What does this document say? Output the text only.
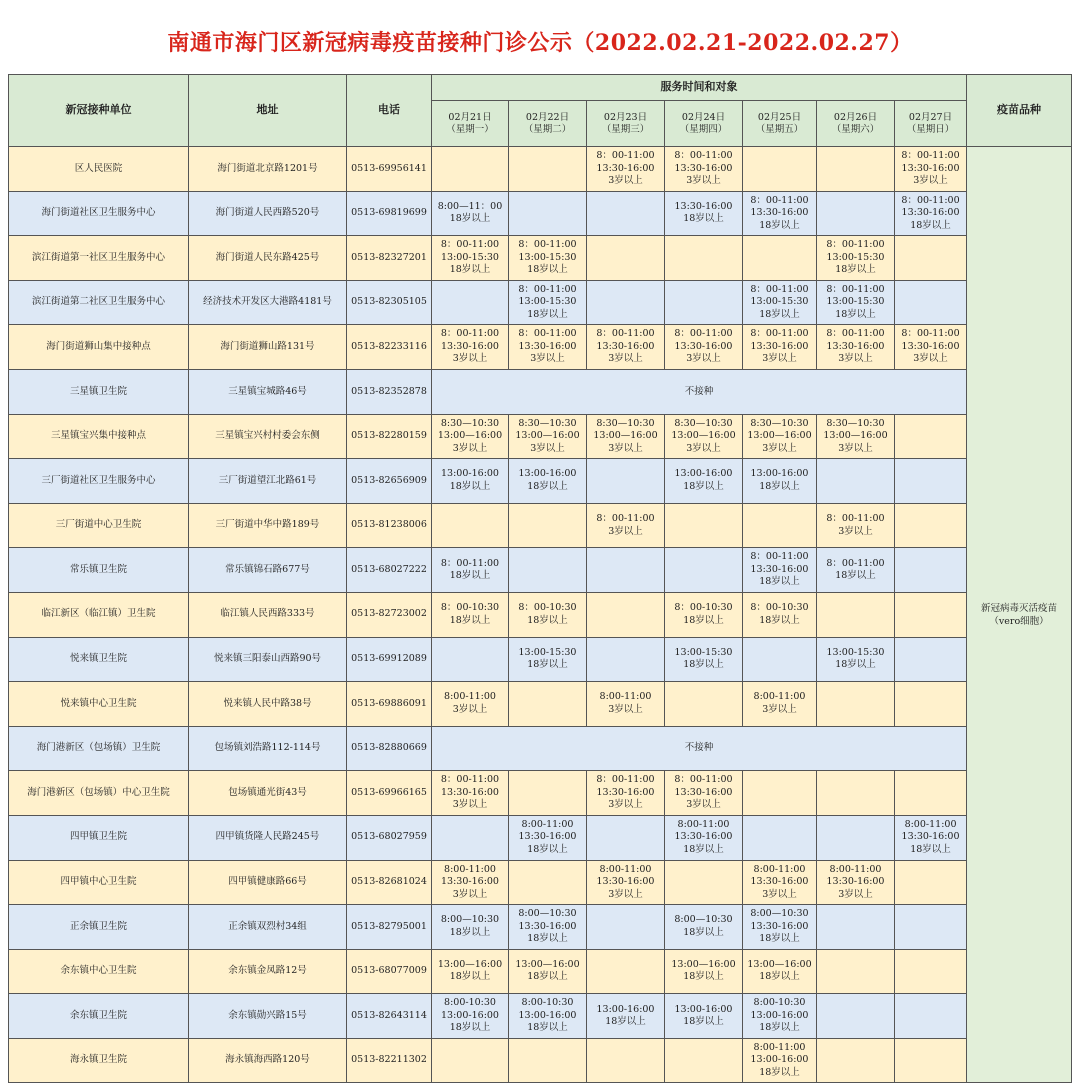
南通市海门区新冠病毒疫苗接种门诊公示（2022.02.21-2022.02.27）
新冠接种单位	地址	电话	服务时间和对象							疫苗品种

			02月21日
（星期一）	02月22日
（星期二）	02月23日
（星期三）	02月24日
（星期四）	02月25日
（星期五）	02月26日
（星期六）	02月27日
（星期日）	

区人民医院	海门街道北京路1201号	0513-69956141			8：00-11:00
13:30-16:00
3岁以上	8：00-11:00
13:30-16:00
3岁以上			8：00-11:00
13:30-16:00
3岁以上	新冠病毒灭活疫苗
（vero细胞）

海门街道社区卫生服务中心	海门街道人民西路520号	0513-69819699	8:00—11：00
18岁以上			13:30-16:00
18岁以上	8：00-11:00
13:30-16:00
18岁以上		8：00-11:00
13:30-16:00
18岁以上	

滨江街道第一社区卫生服务中心	海门街道人民东路425号	0513-82327201	8：00-11:00
13:00-15:30
18岁以上	8：00-11:00
13:00-15:30
18岁以上				8：00-11:00
13:00-15:30
18岁以上		

滨江街道第二社区卫生服务中心	经济技术开发区大港路4181号	0513-82305105		8：00-11:00
13:00-15:30
18岁以上			8：00-11:00
13:00-15:30
18岁以上	8：00-11:00
13:00-15:30
18岁以上		

海门街道狮山集中接种点	海门街道狮山路131号	0513-82233116	8：00-11:00
13:30-16:00
3岁以上	8：00-11:00
13:30-16:00
3岁以上	8：00-11:00
13:30-16:00
3岁以上	8：00-11:00
13:30-16:00
3岁以上	8：00-11:00
13:30-16:00
3岁以上	8：00-11:00
13:30-16:00
3岁以上	8：00-11:00
13:30-16:00
3岁以上	

三星镇卫生院	三星镇宝城路46号	0513-82352878	不接种							

三星镇宝兴集中接种点	三星镇宝兴村村委会东侧	0513-82280159	8:30—10:30
13:00—16:00
3岁以上	8:30—10:30
13:00—16:00
3岁以上	8:30—10:30
13:00—16:00
3岁以上	8:30—10:30
13:00—16:00
3岁以上	8:30—10:30
13:00—16:00
3岁以上	8:30—10:30
13:00—16:00
3岁以上		

三厂街道社区卫生服务中心	三厂街道望江北路61号	0513-82656909	13:00-16:00
18岁以上	13:00-16:00
18岁以上		13:00-16:00
18岁以上	13:00-16:00
18岁以上			

三厂街道中心卫生院	三厂街道中华中路189号	0513-81238006			8：00-11:00
3岁以上			8：00-11:00
3岁以上		

常乐镇卫生院	常乐镇锦石路677号	0513-68027222	8：00-11:00
18岁以上				8：00-11:00
13:30-16:00
18岁以上	8：00-11:00
18岁以上		

临江新区（临江镇）卫生院	临江镇人民西路333号	0513-82723002	8：00-10:30
18岁以上	8：00-10:30
18岁以上		8：00-10:30
18岁以上	8：00-10:30
18岁以上			

悦来镇卫生院	悦来镇三阳泰山西路90号	0513-69912089		13:00-15:30
18岁以上		13:00-15:30
18岁以上		13:00-15:30
18岁以上		

悦来镇中心卫生院	悦来镇人民中路38号	0513-69886091	8:00-11:00
3岁以上		8:00-11:00
3岁以上		8:00-11:00
3岁以上			

海门港新区（包场镇）卫生院	包场镇刘浩路112-114号	0513-82880669	不接种							

海门港新区（包场镇）中心卫生院	包场镇通光街43号	0513-69966165	8：00-11:00
13:30-16:00
3岁以上		8：00-11:00
13:30-16:00
3岁以上	8：00-11:00
13:30-16:00
3岁以上				

四甲镇卫生院	四甲镇货隆人民路245号	0513-68027959		8:00-11:00
13:30-16:00
18岁以上		8:00-11:00
13:30-16:00
18岁以上			8:00-11:00
13:30-16:00
18岁以上	

四甲镇中心卫生院	四甲镇健康路66号	0513-82681024	8:00-11:00
13:30-16:00
3岁以上		8:00-11:00
13:30-16:00
3岁以上		8:00-11:00
13:30-16:00
3岁以上	8:00-11:00
13:30-16:00
3岁以上		

正余镇卫生院	正余镇双烈村34组	0513-82795001	8:00—10:30
18岁以上	8:00—10:30
13:30-16:00
18岁以上		8:00—10:30
18岁以上	8:00—10:30
13:30-16:00
18岁以上			

余东镇中心卫生院	余东镇金凤路12号	0513-68077009	13:00—16:00
18岁以上	13:00—16:00
18岁以上		13:00—16:00
18岁以上	13:00—16:00
18岁以上			

余东镇卫生院	余东镇勋兴路15号	0513-82643114	8:00-10:30
13:00-16:00
18岁以上	8:00-10:30
13:00-16:00
18岁以上	13:00-16:00
18岁以上	13:00-16:00
18岁以上	8:00-10:30
13:00-16:00
18岁以上			

海永镇卫生院	海永镇海西路120号	0513-82211302					8:00-11:00
13:00-16:00
18岁以上			
